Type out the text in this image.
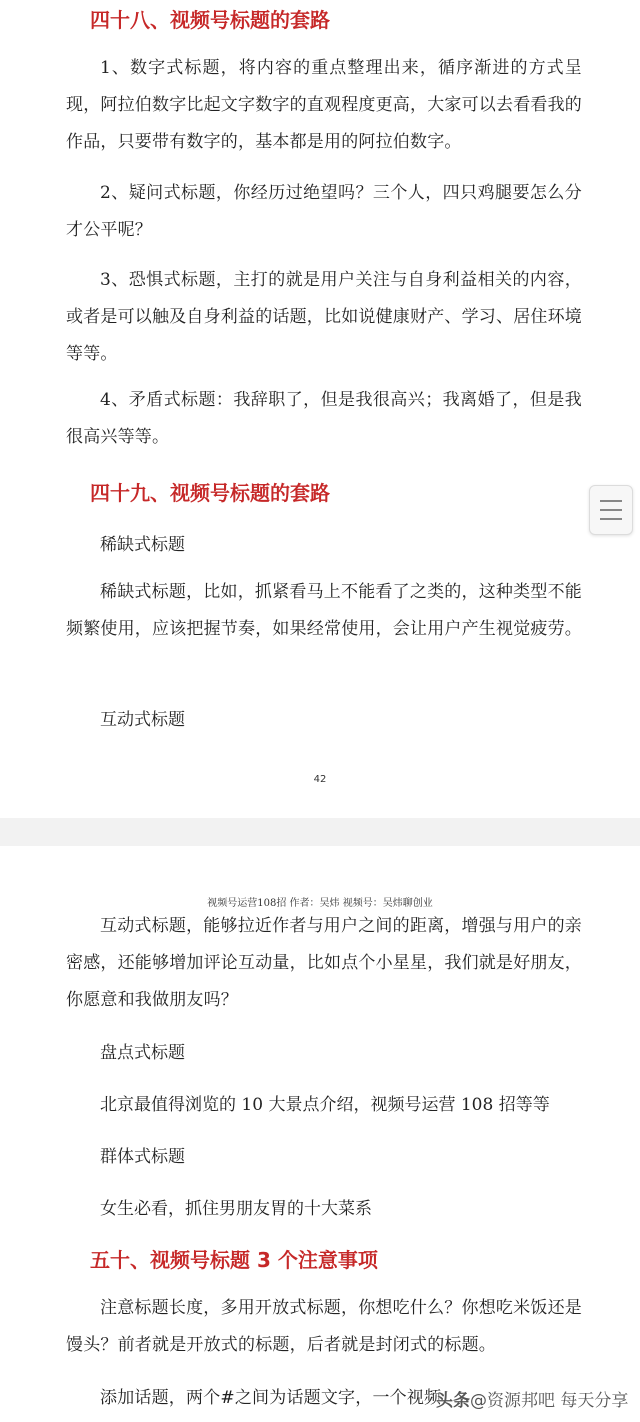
四十八、视频号标题的套路

1、数字式标题，将内容的重点整理出来，循序渐进的方式呈现，阿拉伯数字比起文字数字的直观程度更高，大家可以去看看我的作品，只要带有数字的，基本都是用的阿拉伯数字。

2、疑问式标题，你经历过绝望吗？三个人，四只鸡腿要怎么分才公平呢？

3、恐惧式标题，主打的就是用户关注与自身利益相关的内容，或者是可以触及自身利益的话题，比如说健康财产、学习、居住环境等等。

4、矛盾式标题：我辞职了，但是我很高兴；我离婚了，但是我很高兴等等。

四十九、视频号标题的套路

稀缺式标题

稀缺式标题，比如，抓紧看马上不能看了之类的，这种类型不能频繁使用，应该把握节奏，如果经常使用，会让用户产生视觉疲劳。

互动式标题

42
视频号运营108招 作者：吴炜 视频号：吴炜聊创业

互动式标题，能够拉近作者与用户之间的距离，增强与用户的亲密感，还能够增加评论互动量，比如点个小星星，我们就是好朋友，你愿意和我做朋友吗？

盘点式标题

北京最值得浏览的 10 大景点介绍，视频号运营 108 招等等

群体式标题

女生必看，抓住男朋友胃的十大菜系

五十、视频号标题 3 个注意事项

注意标题长度，多用开放式标题，你想吃什么？你想吃米饭还是馒头？前者就是开放式的标题，后者就是封闭式的标题。

添加话题，两个#之间为话题文字，一个视频

头条@资源邦吧 每天分享
